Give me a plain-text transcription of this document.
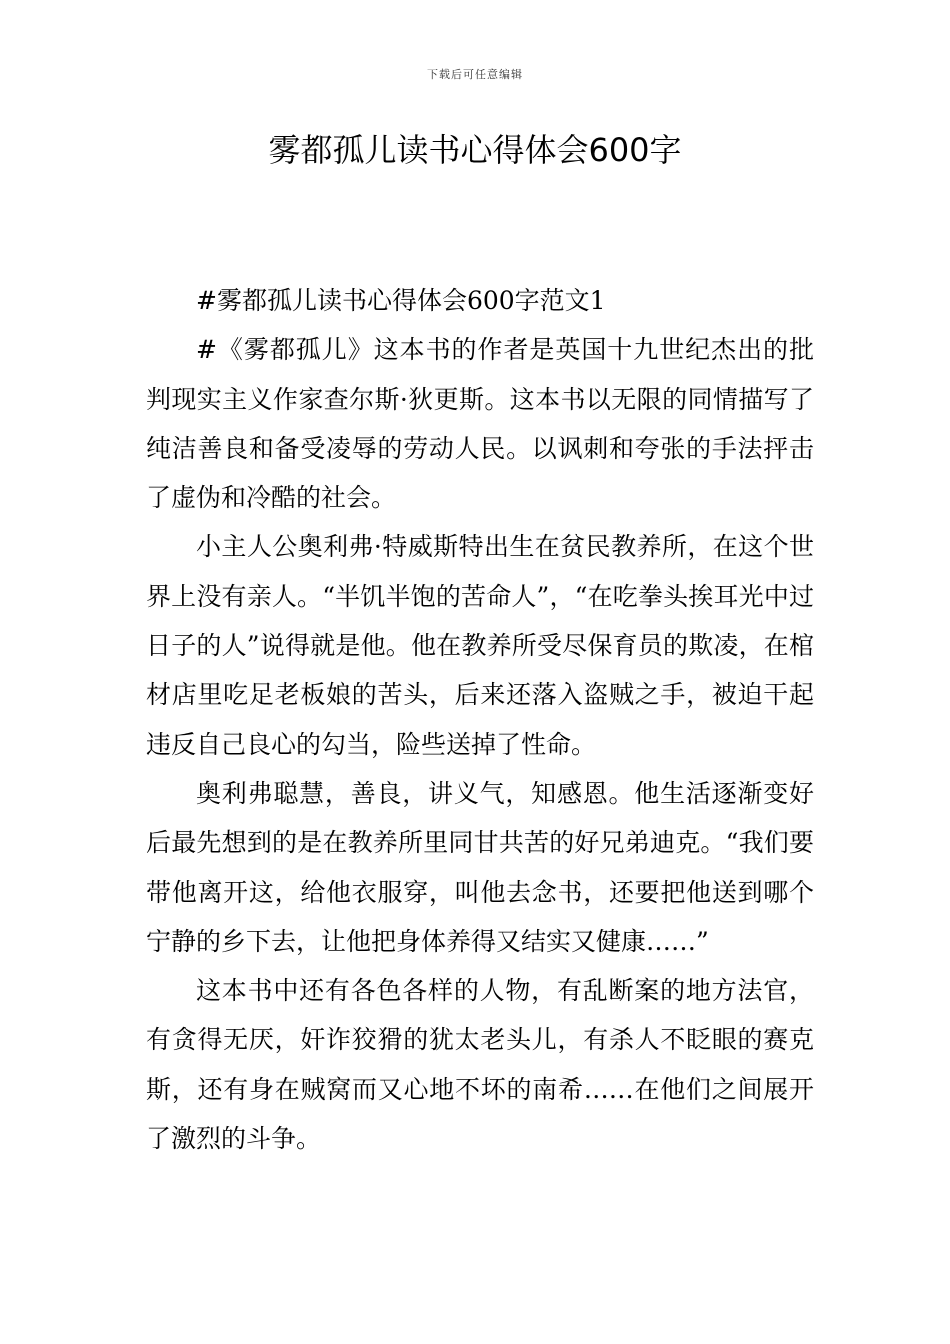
下载后可任意编辑
雾都孤儿读书心得体会600字

#雾都孤儿读书心得体会600字范文1

#《雾都孤儿》这本书的作者是英国十九世纪杰出的批判现实主义作家查尔斯·狄更斯。这本书以无限的同情描写了纯洁善良和备受凌辱的劳动人民。以讽刺和夸张的手法抨击了虚伪和冷酷的社会。

小主人公奥利弗·特威斯特出生在贫民教养所，在这个世界上没有亲人。“半饥半饱的苦命人”，“在吃拳头挨耳光中过日子的人”说得就是他。他在教养所受尽保育员的欺凌，在棺材店里吃足老板娘的苦头，后来还落入盗贼之手，被迫干起违反自己良心的勾当，险些送掉了性命。

奥利弗聪慧，善良，讲义气，知感恩。他生活逐渐变好后最先想到的是在教养所里同甘共苦的好兄弟迪克。“我们要带他离开这，给他衣服穿，叫他去念书，还要把他送到哪个宁静的乡下去，让他把身体养得又结实又健康……”

这本书中还有各色各样的人物，有乱断案的地方法官，有贪得无厌，奸诈狡猾的犹太老头儿，有杀人不眨眼的赛克斯，还有身在贼窝而又心地不坏的南希……在他们之间展开了激烈的斗争。
